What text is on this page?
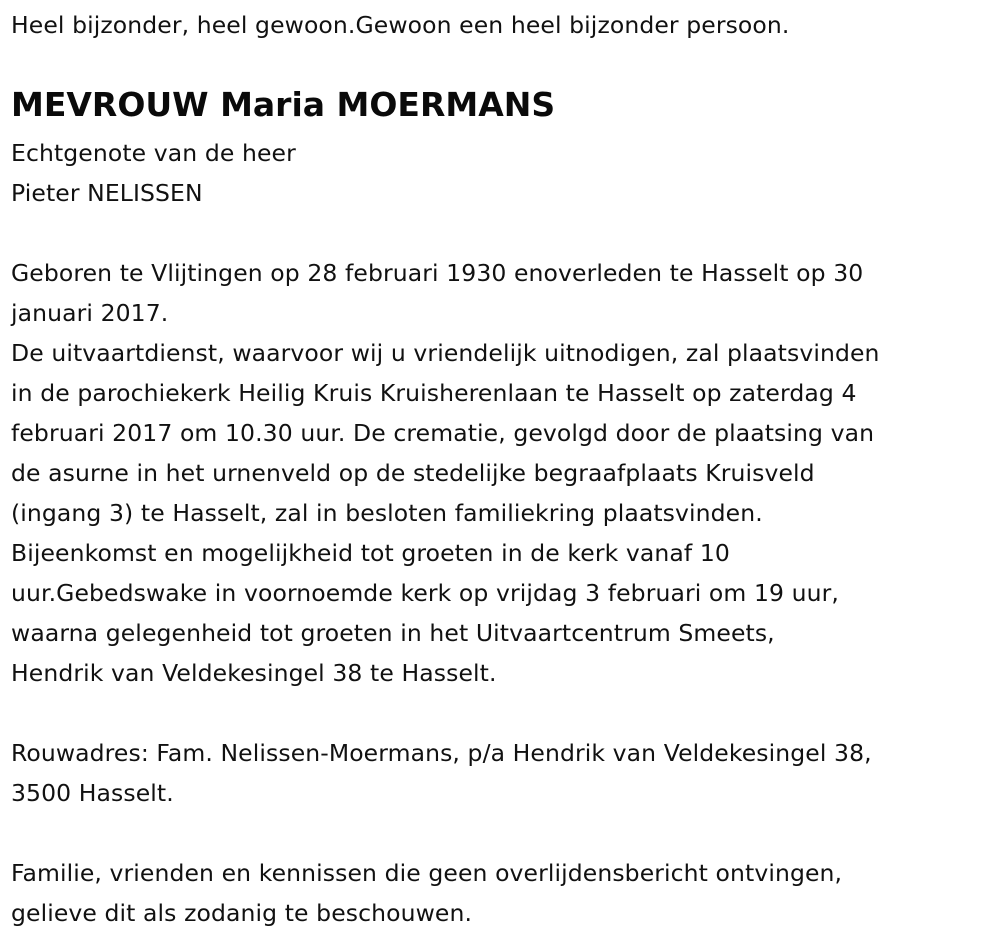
Heel bijzonder, heel gewoon.Gewoon een heel bijzonder persoon.
MEVROUW Maria MOERMANS
Echtgenote van de heer
Pieter NELISSEN
Geboren te Vlijtingen op 28 februari 1930 enoverleden te Hasselt op 30
januari 2017.
De uitvaartdienst, waarvoor wij u vriendelijk uitnodigen, zal plaatsvinden
in de parochiekerk Heilig Kruis Kruisherenlaan te Hasselt op zaterdag 4
februari 2017 om 10.30 uur. De crematie, gevolgd door de plaatsing van
de asurne in het urnenveld op de stedelijke begraafplaats Kruisveld
(ingang 3) te Hasselt, zal in besloten familiekring plaatsvinden.
Bijeenkomst en mogelijkheid tot groeten in de kerk vanaf 10
uur.Gebedswake in voornoemde kerk op vrijdag 3 februari om 19 uur,
waarna gelegenheid tot groeten in het Uitvaartcentrum Smeets,
Hendrik van Veldekesingel 38 te Hasselt.
Rouwadres: Fam. Nelissen-Moermans, p/a Hendrik van Veldekesingel 38,
3500 Hasselt.
Familie, vrienden en kennissen die geen overlijdensbericht ontvingen,
gelieve dit als zodanig te beschouwen.
